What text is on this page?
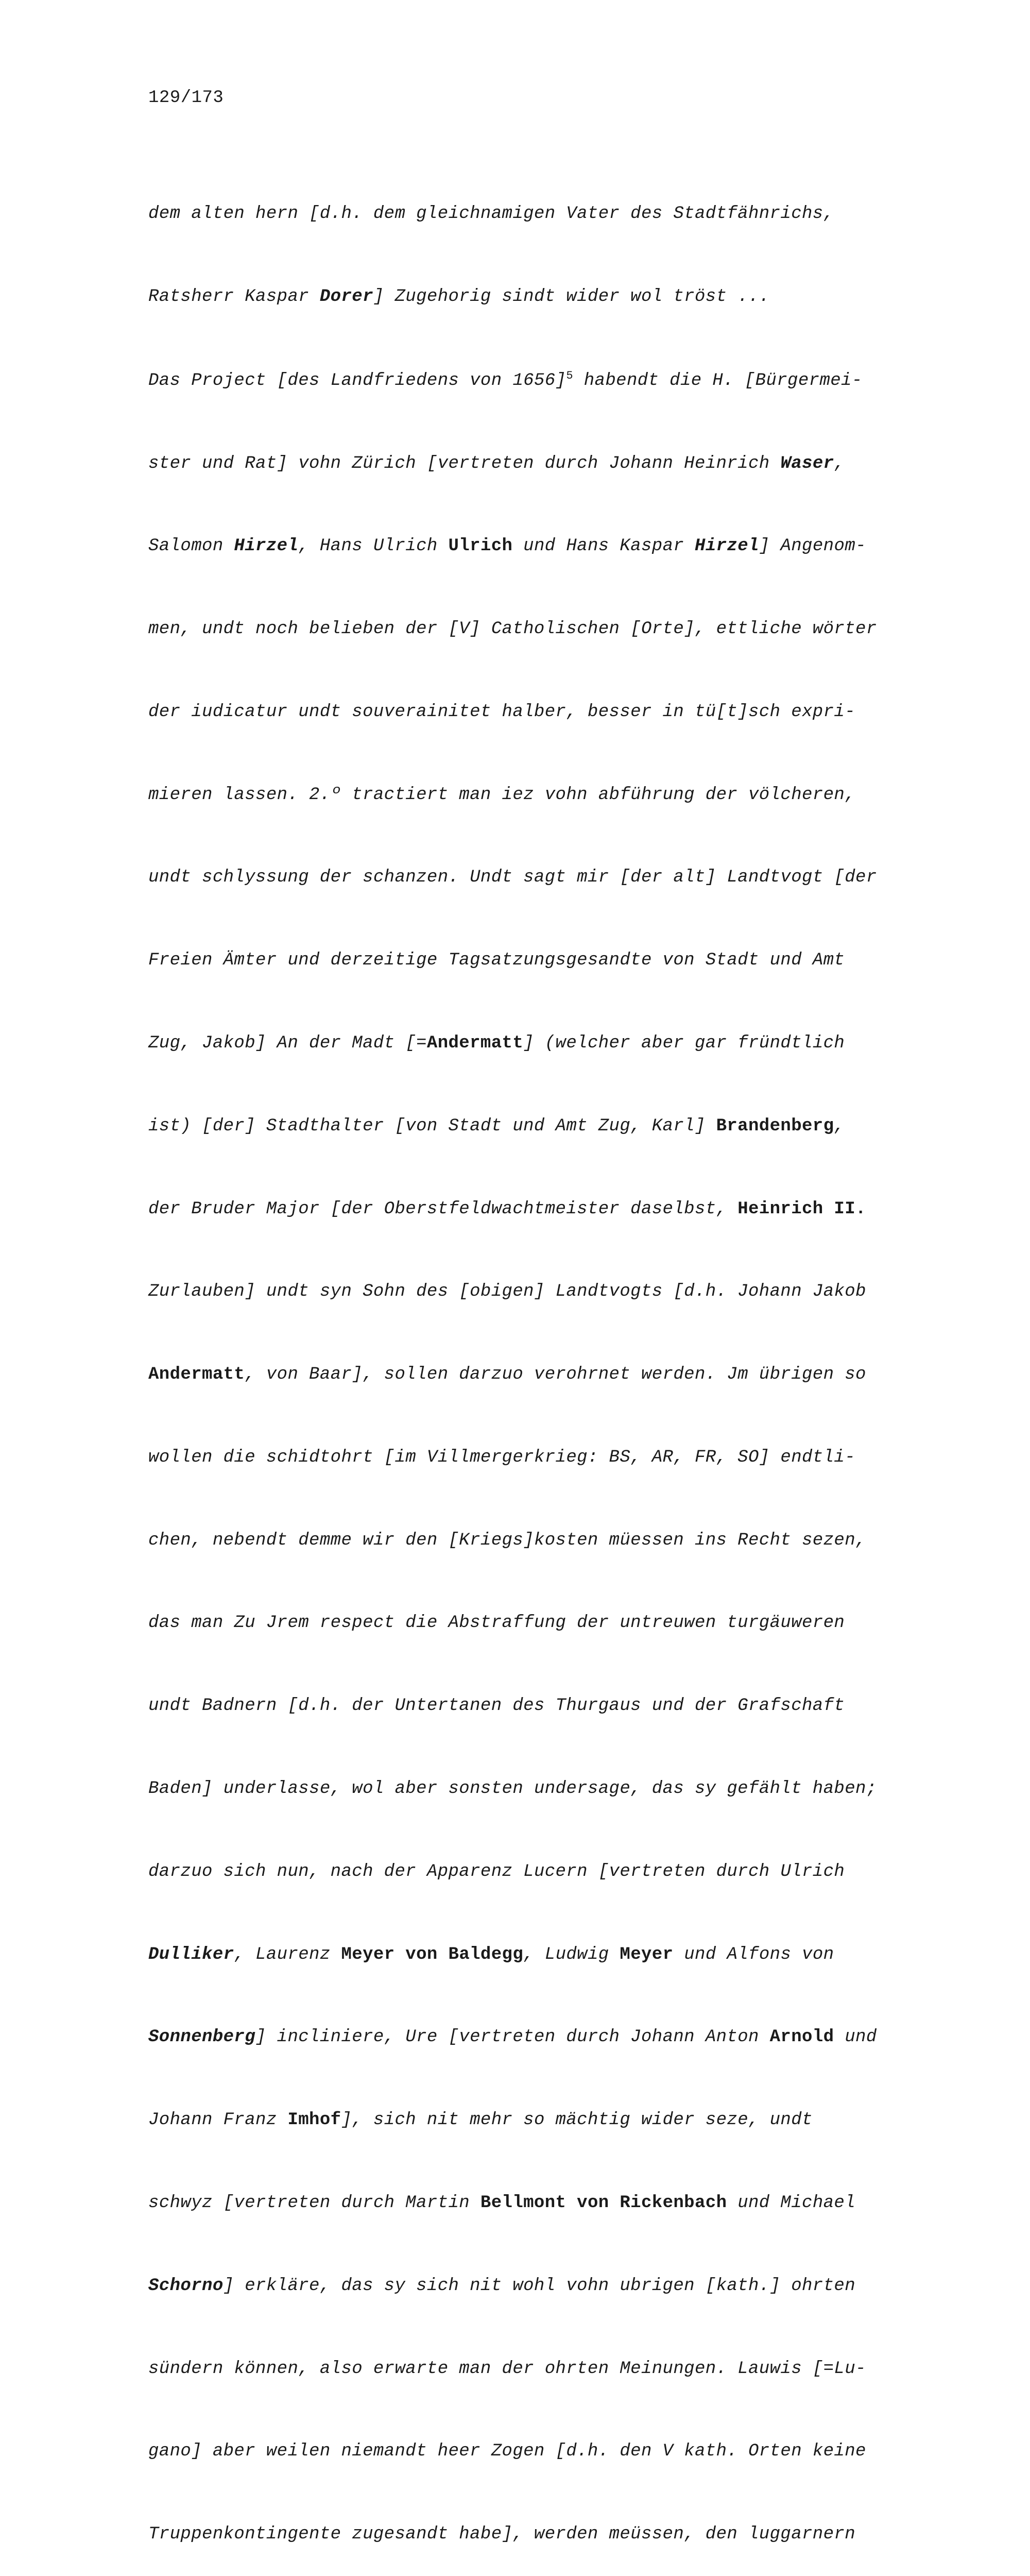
129/173

dem alten hern [d.h. dem gleichnamigen Vater des Stadtfähnrichs,

Ratsherr Kaspar Dorer] Zugehorig sindt wider wol tröst ...

Das Project [des Landfriedens von 1656]$^5$ habendt die H. [Bürgermei-

ster und Rat] vohn Zürich [vertreten durch Johann Heinrich Waser,

Salomon Hirzel, Hans Ulrich Ulrich und Hans Kaspar Hirzel] Angenom-

men, undt noch belieben der [V] Catholischen [Orte], ettliche wörter

der iudicatur undt souverainitet halber, besser in tü[t]sch expri-

mieren lassen. 2.º tractiert man iez vohn abführung der völcheren,

undt schlyssung der schanzen. Undt sagt mir [der alt] Landtvogt [der

Freien Ämter und derzeitige Tagsatzungsgesandte von Stadt und Amt

Zug, Jakob] An der Madt [=Andermatt] (welcher aber gar fründtlich

ist) [der] Stadthalter [von Stadt und Amt Zug, Karl] Brandenberg,

der Bruder Major [der Oberstfeldwachtmeister daselbst, Heinrich II.

Zurlauben] undt syn Sohn des [obigen] Landtvogts [d.h. Johann Jakob

Andermatt, von Baar], sollen darzuo verohrnet werden. Jm übrigen so

wollen die schidtohrt [im Villmergerkrieg: BS, AR, FR, SO] endtli-

chen, nebendt demme wir den [Kriegs]kosten müessen ins Recht sezen,

das man Zu Jrem respect die Abstraffung der untreuwen turgäuweren

undt Badnern [d.h. der Untertanen des Thurgaus und der Grafschaft

Baden] underlasse, wol aber sonsten undersage, das sy gefählt haben;

darzuo sich nun, nach der Apparenz Lucern [vertreten durch Ulrich

Dulliker, Laurenz Meyer von Baldegg, Ludwig Meyer und Alfons von

Sonnenberg] incliniere, Ure [vertreten durch Johann Anton Arnold und

Johann Franz Imhof], sich nit mehr so mächtig wider seze, undt

schwyz [vertreten durch Martin Bellmont von Rickenbach und Michael

Schorno] erkläre, das sy sich nit wohl vohn ubrigen [kath.] ohrten

sündern können, also erwarte man der ohrten Meinungen. Lauwis [=Lu-

gano] aber weilen niemandt heer Zogen [d.h. den V kath. Orten keine

Truppenkontingente zugesandt habe], werden meüssen, den luggarnern
